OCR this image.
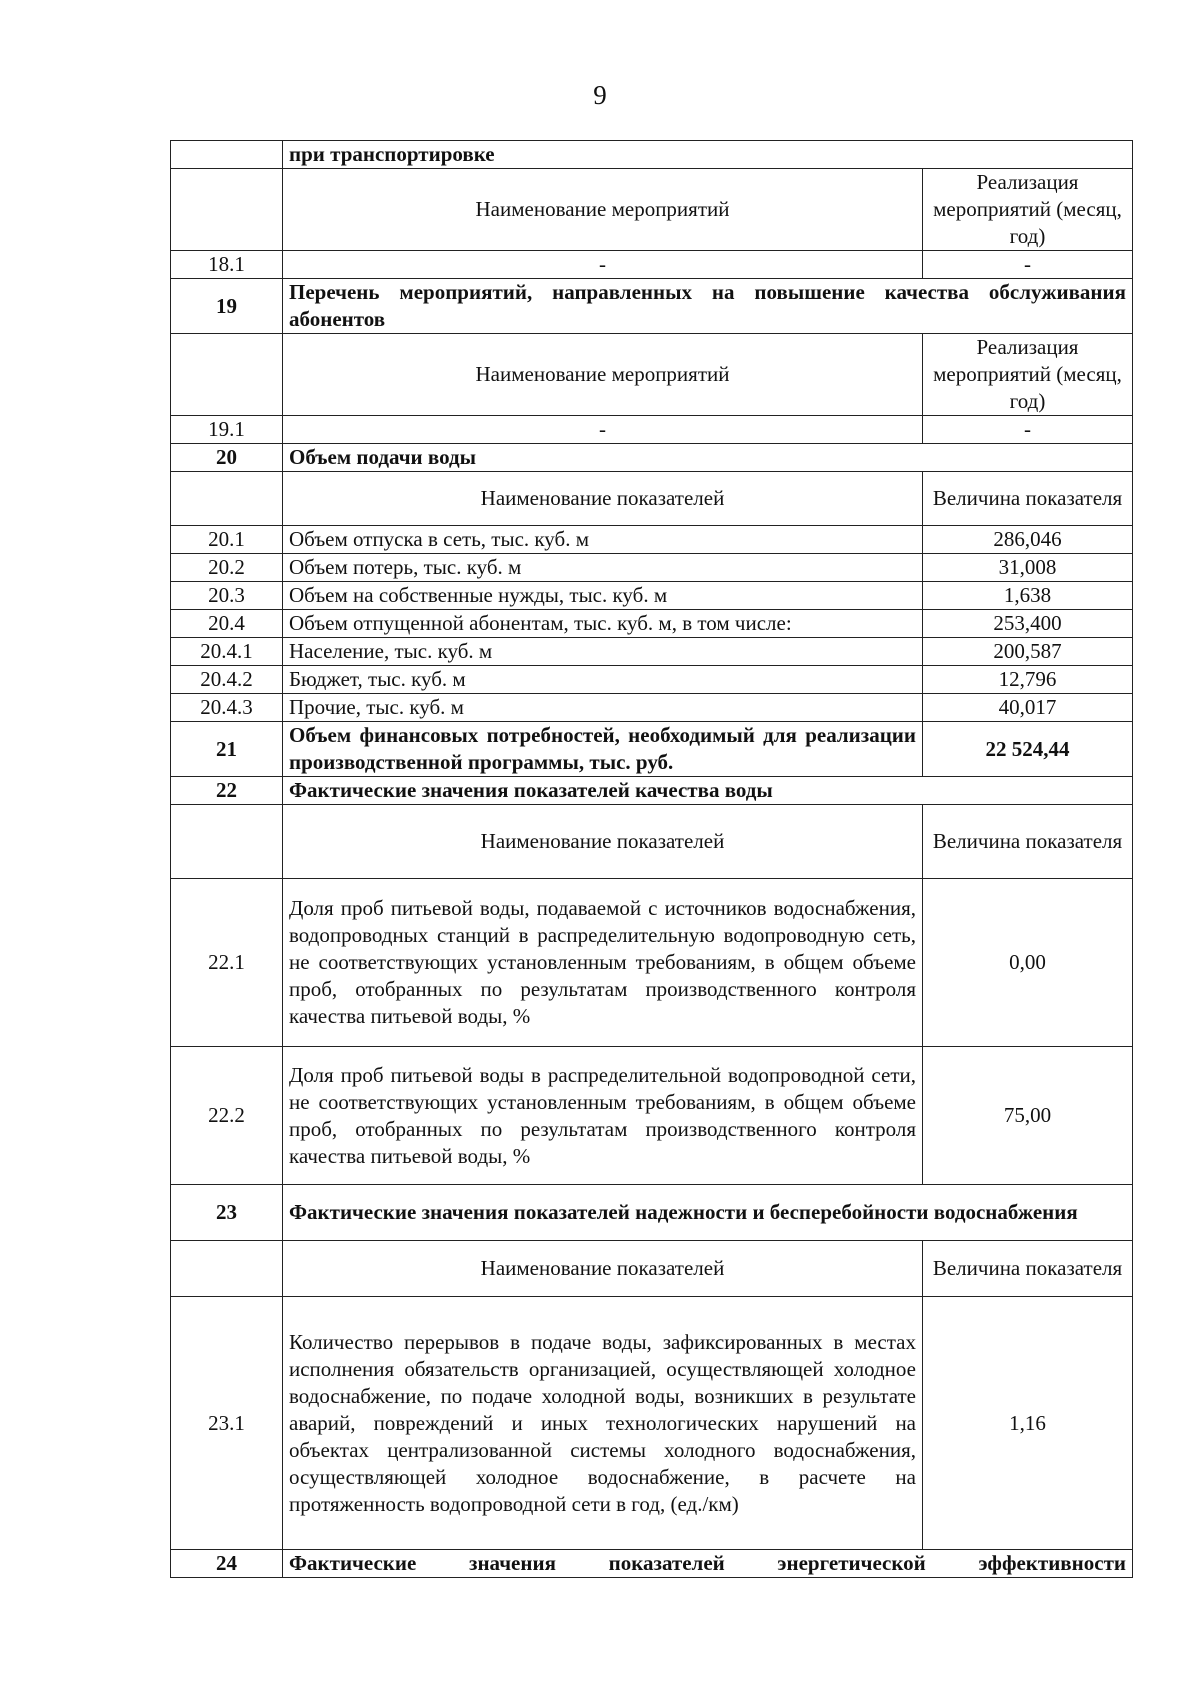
9
	при транспортировке	
	Наименование мероприятий	Реализация мероприятий (месяц, год)
18.1	-	-
19	Перечень мероприятий, направленных на повышение качества обслуживания абонентов	
	Наименование мероприятий	Реализация мероприятий (месяц, год)
19.1	-	-
20	Объем подачи воды	
	Наименование показателей	Величина показателя
20.1	Объем отпуска в сеть, тыс. куб. м	286,046
20.2	Объем потерь, тыс. куб. м	31,008
20.3	Объем на собственные нужды, тыс. куб. м	1,638
20.4	Объем отпущенной абонентам, тыс. куб. м, в том числе:	253,400
20.4.1	Население, тыс. куб. м	200,587
20.4.2	Бюджет, тыс. куб. м	12,796
20.4.3	Прочие, тыс. куб. м	40,017
21	Объем финансовых потребностей, необходимый для реализации производственной программы, тыс. руб.	22 524,44
22	Фактические значения показателей качества воды	
	Наименование показателей	Величина показателя
22.1	Доля проб питьевой воды, подаваемой с источников водоснабжения, водопроводных станций в распределительную водопроводную сеть, не соответствующих установленным требованиям, в общем объеме проб, отобранных по результатам производственного контроля качества питьевой воды, %	0,00
22.2	Доля проб питьевой воды в распределительной водопроводной сети, не соответствующих установленным требованиям, в общем объеме проб, отобранных по результатам производственного контроля качества питьевой воды, %	75,00
23	Фактические значения показателей надежности и бесперебойности водоснабжения	
	Наименование показателей	Величина показателя
23.1	Количество перерывов в подаче воды, зафиксированных в местах исполнения обязательств организацией, осуществляющей холодное водоснабжение, по подаче холодной воды, возникших в результате аварий, повреждений и иных технологических нарушений на объектах централизованной системы холодного водоснабжения, осуществляющей холодное водоснабжение, в расчете на протяженность водопроводной сети в год, (ед./км)	1,16
24	Фактические значения показателей энергетической эффективности	
